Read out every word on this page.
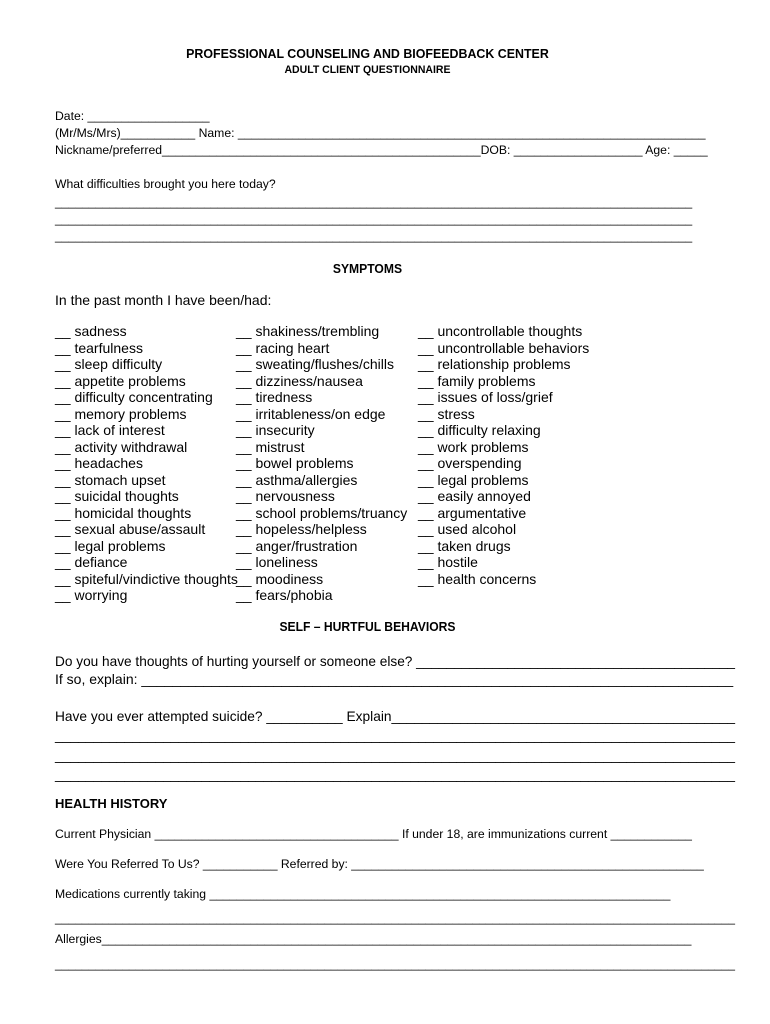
PROFESSIONAL COUNSELING AND BIOFEEDBACK CENTER
ADULT CLIENT QUESTIONNAIRE
Date: __________________
(Mr/Ms/Mrs)___________ Name: _____________________________________________________________________
Nickname/preferred_______________________________________________DOB: ___________________ Age: _____
What difficulties brought you here today?
______________________________________________________________________________________________
______________________________________________________________________________________________
______________________________________________________________________________________________
SYMPTOMS
In the past month I have been/had:
__ sadness
__ tearfulness
__ sleep difficulty
__ appetite problems
__ difficulty concentrating
__ memory problems
__ lack of interest
__ activity withdrawal
__ headaches
__ stomach upset
__ suicidal thoughts
__ homicidal thoughts
__ sexual abuse/assault
__ legal problems
__ defiance
__ spiteful/vindictive thoughts
__ worrying
__ shakiness/trembling
__ racing heart
__ sweating/flushes/chills
__ dizziness/nausea
__ tiredness
__ irritableness/on edge
__ insecurity
__ mistrust
__ bowel problems
__ asthma/allergies
__ nervousness
__ school problems/truancy
__ hopeless/helpless
__ anger/frustration
__ loneliness
__ moodiness
__ fears/phobia
__ uncontrollable thoughts
__ uncontrollable behaviors
__ relationship problems
__ family problems
__ issues of loss/grief
__ stress
__ difficulty relaxing
__ work problems
__ overspending
__ legal problems
__ easily annoyed
__ argumentative
__ used alcohol
__ taken drugs
__ hostile
__ health concerns
SELF – HURTFUL BEHAVIORS
Do you have thoughts of hurting yourself or someone else? __________________________________________
If so, explain: ____________________________________________________________________________
Have you ever attempted suicide? __________ Explain_____________________________________________
________________________________________________________________________________________
________________________________________________________________________________________
________________________________________________________________________________________
HEALTH HISTORY
Current Physician ____________________________________ If under 18, are immunizations current ____________
Were You Referred To Us? ___________ Referred by: ____________________________________________________
Medications currently taking ____________________________________________________________________
_____________________________________________________________________________________________________
Allergies_______________________________________________________________________________________
_____________________________________________________________________________________________________
